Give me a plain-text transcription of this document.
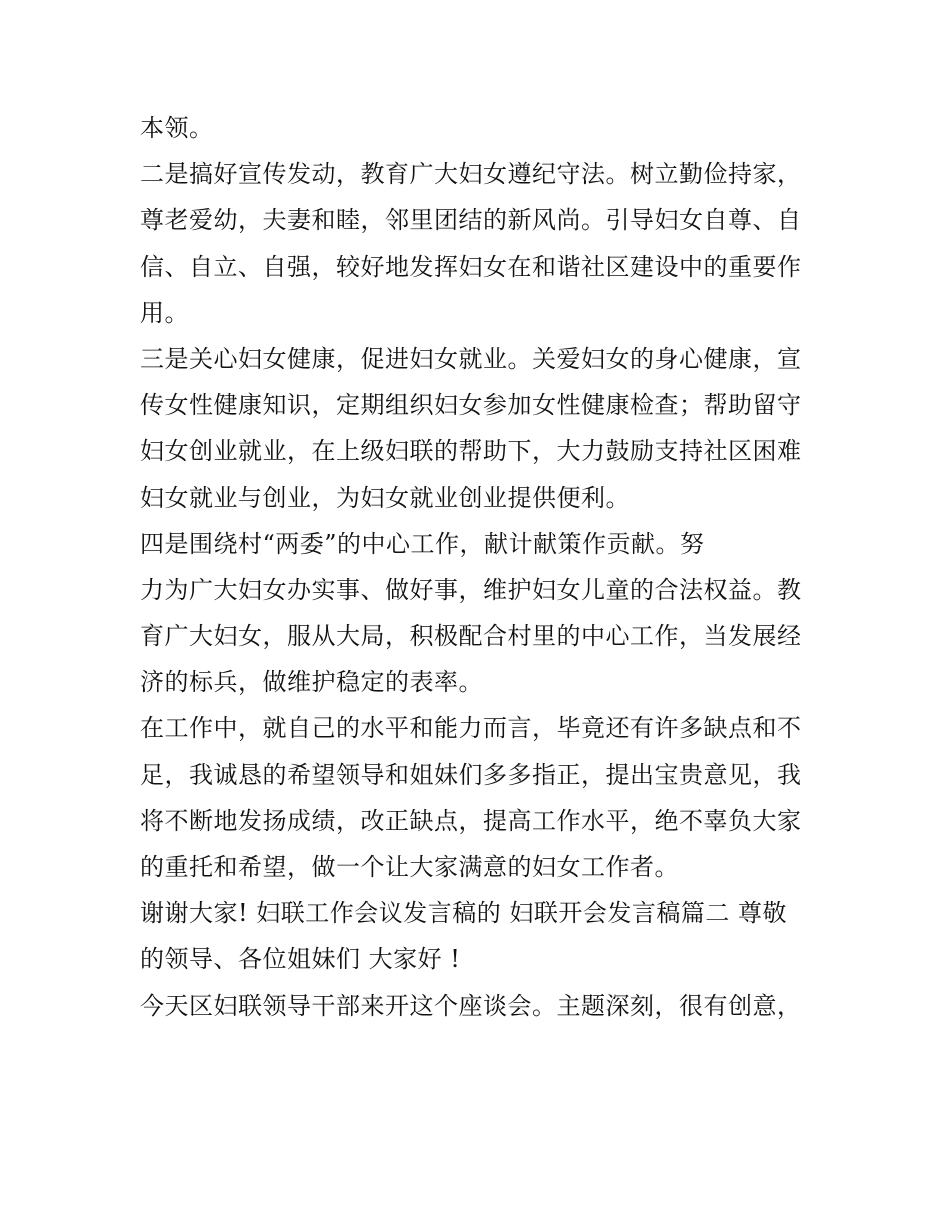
本领。
二是搞好宣传发动，教育广大妇女遵纪守法。树立勤俭持家，
尊老爱幼，夫妻和睦，邻里团结的新风尚。引导妇女自尊、自
信、自立、自强，较好地发挥妇女在和谐社区建设中的重要作
用。
三是关心妇女健康，促进妇女就业。关爱妇女的身心健康，宣
传女性健康知识，定期组织妇女参加女性健康检查；帮助留守
妇女创业就业，在上级妇联的帮助下，大力鼓励支持社区困难
妇女就业与创业，为妇女就业创业提供便利。
四是围绕村“两委”的中心工作，献计献策作贡献。努
力为广大妇女办实事、做好事，维护妇女儿童的合法权益。教
育广大妇女，服从大局，积极配合村里的中心工作，当发展经
济的标兵，做维护稳定的表率。
在工作中，就自己的水平和能力而言，毕竟还有许多缺点和不
足，我诚恳的希望领导和姐妹们多多指正，提出宝贵意见，我
将不断地发扬成绩，改正缺点，提高工作水平，绝不辜负大家
的重托和希望，做一个让大家满意的妇女工作者。
谢谢大家! 妇联工作会议发言稿的 妇联开会发言稿篇二 尊敬
的领导、各位姐妹们 大家好 !
今天区妇联领导干部来开这个座谈会。主题深刻，很有创意，
